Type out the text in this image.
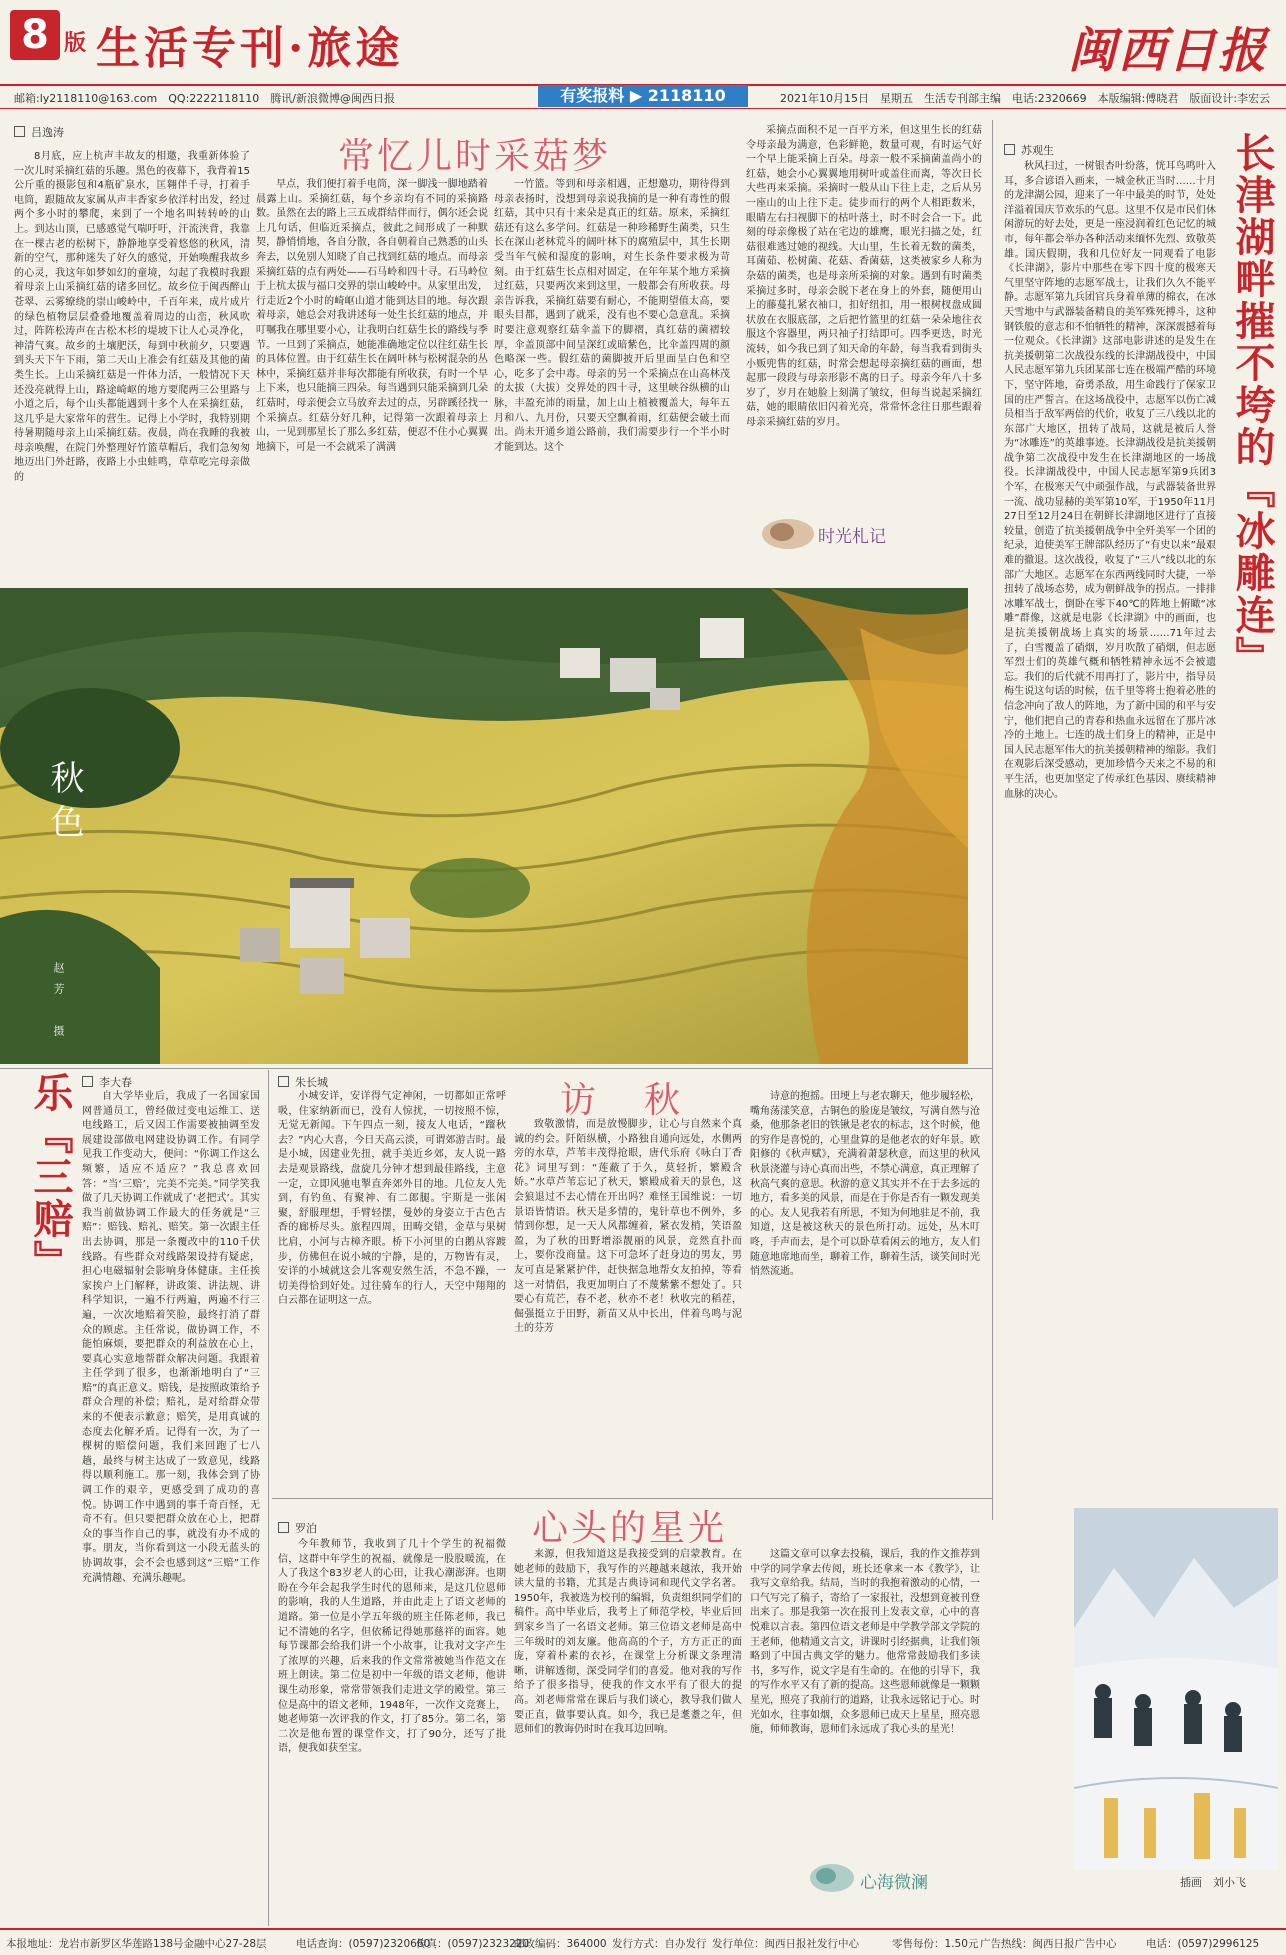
8 版 生活专刊·旅途	闽西日报
邮箱:ly2118110@163.com　QQ:2222118110　腾讯/新浪微博@闽西日报	有奖报料 ▶ 2118110	2021年10月15日　星期五　生活专刊部主编　电话:2320669　本版编辑:傅晓君　版面设计:李宏云
吕逸涛
常忆儿时采菇梦

8月底，应上杭声丰故友的相邀，我重新体验了一次儿时采摘红菇的乐趣。黑色的夜幕下，我背着15公斤重的摄影包和4瓶矿泉水，匡翱伴千寻，打着手电筒，跟随故友家属从声丰香家乡依洋村出发，经过两个多小时的攀爬，来到了一个地名叫转转岭的山上。到达山顶，已感感觉气喘吁吁，汗流浃背，我靠在一棵古老的松树下，静静地享受着悠悠的秋风，清新的空气，那种迷失了好久的感觉，开始唤醒我故乡的心灵，我这年如梦如幻的童境，勾起了我模时我跟着母亲上山采摘红菇的诸多回忆。故乡位于闽西醉山苍翠、云雾缭绕的崇山峻岭中，千百年来，成片成片的绿色植物层层叠叠地覆盖着周边的山峦，秋风吹过，阵阵松涛声在古松木杉的堤坡下让人心灵净化，神清气爽。故乡的土壤肥沃，每到中秋前夕，只要遇到头天下午下雨，第二天山上准会有红菇及其他的菌类生长。上山采摘红菇是一件体力活，一般情况下天还没亮就得上山，路途崎岖的地方要爬两三公里路与小道之后，每个山头都能遇到十多个人在采摘红菇，这几乎是大家常年的营生。记得上小学时，我特别期待暑期随母亲上山采摘红菇。夜晨，尚在我睡的我被母亲唤醒，在院门外整理好竹篮草帽后，我们急匆匆地迈出门外赶路，夜路上小虫蛙鸣，草草吃完母亲做的

早点，我们便打着手电筒，深一脚浅一脚地踏着晨露上山。采摘红菇，每个乡亲均有不同的采摘路数。虽然在去的路上三五成群结伴而行，偶尔还会说上几句话，但临近采摘点，彼此之间形成了一种默契，静悄悄地，各自分散，各自朝着自己熟悉的山头奔去，以免别人知晓了自己找到红菇的地点。而母亲采摘红菇的点有两处——石马岭和四十寻。石马岭位于上杭太拔与福口交界的崇山峻岭中。从家里出发，行走近2个小时的崎岖山道才能到达目的地。每次跟着母亲，她总会对我讲述每一处生长红菇的地点，并叮嘱我在哪里要小心，让我明白红菇生长的路线与季节。一旦到了采摘点，她能准确地定位以往红菇生长的具体位置。由于红菇生长在阔叶林与松树混杂的丛林中，采摘红菇并非每次都能有所收获，有时一个早上下来，也只能摘三四朵。每当遇到只能采摘到几朵红菇时，母亲便会立马放弃去过的点，另辟蹊径找一个采摘点。红菇分好几种，记得第一次跟着母亲上山，一见到那星长了那么多红菇，便忍不住小心翼翼地摘下，可是一不会就采了满满

一竹篮。等到和母亲相遇，正想邀功，期待得到母亲表扬时，没想到母亲说我摘的是一种有毒性的假红菇，其中只有十来朵是真正的红菇。原来，采摘红菇还有这么多学问。红菇是一种珍稀野生菌类，只生长在深山老林荒斗的阔叶林下的腐殖层中，其生长期受当年气候和湿度的影响，对生长条件要求极为苛刻。由于红菇生长点相对固定，在年年某个地方采摘过红菇，只要两次来到这里，一般都会有所收获。母亲告诉我，采摘红菇要有耐心，不能期望值太高，要眼头目都，遇到了就采，没有也不要心急意乱。采摘时要注意观察红菇伞盖下的脚褶，真红菇的菌褶较厚，伞盖顶部中间呈深红或暗紫色，比伞盖四周的颜色略深一些。假红菇的菌脚披开后里面呈白色和空心，吃多了会中毒。母亲的另一个采摘点在山高林茂的太拔（大拔）交界处的四十寻，这里峡谷纵横的山脉，丰盈充沛的雨量，加上山上植被覆盖大，每年五月和八、九月份，只要天空飘着雨，红菇便会破土而出。尚未开通乡道公路前，我们需要步行一个半小时才能到达。这个

采摘点面积不足一百平方米，但这里生长的红菇令母亲最为满意，色彩鲜艳，数量可观，有时运气好一个早上能采摘上百朵。母亲一般不采摘菌盖尚小的红菇，她会小心翼翼地用树叶或盖住而离，等次日长大些再来采摘。采摘时一般从山下往上走，之后从另一座山的山上往下走。徒步而行的两个人相距数米，眼睛左右扫视脚下的枯叶落土，时不时会合一下。此刻的母亲像极了站在宅边的雄鹰，眼光扫描之处，红菇很难逃过她的视线。大山里，生长着无数的菌类，耳菌茹、松树菌、花菇、香菌菇，这类被家乡人称为杂菇的菌类，也是母亲所采摘的对象。遇到有时菌类采摘过多时，母亲会脱下老在身上的外套，随便用山上的藤蔓扎紧衣袖口，扣好纽扣，用一根树杈盘成圆状放在衣服底部，之后把竹篮里的红菇一朵朵地往衣服这个容器里，两只袖子打结即可。四季更迭，时光流转，如今我已到了知天命的年龄，每当我看到街头小贩兜售的红菇，时常会想起母亲摘红菇的画面，想起那一段段与母亲形影不离的日子。母亲今年八十多岁了，岁月在她脸上刻满了皱纹，但每当说起采摘红菇，她的眼睛依旧闪着光亮，常常怀念往日那些跟着母亲采摘红菇的岁月。

时光札记
秋色
赵芳　摄
苏观生	长津湖畔摧不垮的『冰雕连』

秋风扫过，一树银杏叶纷落，恍耳鸟鸣叶入耳，多合谚语入画来，一城金秋正当时……十月的龙津湖公园，迎来了一年中最美的时节，处处洋溢着国庆节欢乐的气息。这里不仅是市民们休闲游玩的好去处，更是一座浸润着红色记忆的城市，每年都会举办各种活动来缅怀先烈、致敬英雄。国庆假期，我和几位好友一同观看了电影《长津湖》，影片中那些在零下四十度的极寒天气里坚守阵地的志愿军战士，让我们久久不能平静。志愿军第九兵团官兵身着单薄的棉衣，在冰天雪地中与武器装备精良的美军殊死搏斗，这种钢铁般的意志和不怕牺牲的精神，深深震撼着每一位观众。《长津湖》这部电影讲述的是发生在抗美援朝第二次战役东线的长津湖战役中，中国人民志愿军第九兵团某部七连在极端严酷的环境下，坚守阵地，奋勇杀敌，用生命践行了保家卫国的庄严誓言。在这场战役中，志愿军以伤亡减员相当于敌军两倍的代价，收复了三八线以北的东部广大地区，扭转了战局，这就是被后人誉为“冰雕连”的英雄事迹。长津湖战役是抗美援朝战争第二次战役中发生在长津湖地区的一场战役。长津湖战役中，中国人民志愿军第9兵团3个军，在极寒天气中顽强作战，与武器装备世界一流、战功显赫的美军第10军，于1950年11月27日至12月24日在朝鲜长津湖地区进行了直接较量，创造了抗美援朝战争中全歼美军一个团的纪录，迫使美军王牌部队经历了“有史以来”最艰难的撤退。这次战役，收复了“三八”线以北的东部广大地区。志愿军在东西两线同时大捷，一举扭转了战场态势，成为朝鲜战争的拐点。一排排冰雕军战士，倒卧在零下40℃的阵地上俯瞰“冰雕”群像，这就是电影《长津湖》中的画面，也是抗美援朝战场上真实的场景……71年过去了，白雪覆盖了硝烟，岁月吹散了硝烟，但志愿军烈士们的英雄气概和牺牲精神永远不会被遗忘。我们的后代就不用再打了，影片中，指导员梅生说这句话的时候，伍千里等将士抱着必胜的信念冲向了敌人的阵地，为了新中国的和平与安宁，他们把自己的青春和热血永远留在了那片冰冷的土地上。七连的战士们身上的精神，正是中国人民志愿军伟大的抗美援朝精神的缩影。我们在观影后深受感动，更加珍惜今天来之不易的和平生活，也更加坚定了传承红色基因、赓续精神血脉的决心。

插画　刘小飞
乐『三赔』	李大春

自大学毕业后，我成了一名国家国网普通员工，曾经做过变电运维工、送电线路工，后又因工作需要被抽调至发展建设部做电网建设协调工作。有同学见我工作变动大，便问：“你调工作这么频繁，适应不适应？”我总喜欢回答：“当‘三赔’，完美不完美。”同学笑我做了几天协调工作就成了‘老把式’。其实我当前做协调工作最大的任务就是“三赔”：赔钱、赔礼、赔笑。第一次跟主任出去协调，那是一条覆改中的110千伏线路。有些群众对线路架设持有疑虑，担心电磁辐射会影响身体健康。主任挨家挨户上门解释，讲政策、讲法规、讲科学知识，一遍不行两遍，两遍不行三遍，一次次地赔着笑脸，最终打消了群众的顾虑。主任常说，做协调工作，不能怕麻烦，要把群众的利益放在心上，要真心实意地帮群众解决问题。我跟着主任学到了很多，也渐渐地明白了“三赔”的真正意义。赔钱，是按照政策给予群众合理的补偿；赔礼，是对给群众带来的不便表示歉意；赔笑，是用真诚的态度去化解矛盾。记得有一次，为了一棵树的赔偿问题，我们来回跑了七八趟，最终与树主达成了一致意见，线路得以顺利施工。那一刻，我体会到了协调工作的艰辛，更感受到了成功的喜悦。协调工作中遇到的事千奇百怪，无奇不有。但只要把群众放在心上，把群众的事当作自己的事，就没有办不成的事。朋友，当你看到这一小段无蓝头的协调故事，会不会也感到这“三赔”工作充满情趣、充满乐趣呢。

朱长城	访　秋

小城安详，安详得气定神闲，一切都如正常呼吸，住家纳新而已，没有人惊扰，一切按照不惊，无觉无新闻。下午四点一刻，接友人电话，“蹓秋去？”内心大喜，今日天高云淡，可谓郊游吉时。最是小城，因建业先扭，就手美近乡郊，友人说一路去是观景路线，盘旋几分钟才想到最佳路线，主意一定，立即风驰电掣直奔郊外目的地。几位友人先到，有钓鱼、有聚神、有二郎腿。宇斯是一张闲聚，舒服理想，手臂轻摆，曼妙的身姿立于古色古香的廊桥尽头。旅程四周，田畴交错，金草与果树比肩，小河与古樟齐眼。桥下小河里的白鹅从容踱步，仿佛但在说小城的宁静，是的，万物皆有灵，安详的小城就这会儿客观安然生活，不急不躁，一切美得恰到好处。过往骑车的行人，天空中翔翔的白云都在证明这一点。

致敬激情，而是放慢脚步，让心与自然来个真诚的约会。阡陌纵横，小路独自通向远处，水侧两旁的水草，芦苇丰茂得抢眼，唐代乐府《咏白丁香花》词里写到：“莲蔽了于久，莫轻折，繁殿含娇。”水草芦苇忘记了秋天，繁殿成着天的景色，这会狼退过不去心情在开出吗？难怪王国维说：一切景语皆情语。秋天是多情的，鬼针草也不例外，多情到你想，足一天人风都缠着，紧衣发梢，笑语盈盈，为了秋的田野增添靓丽的风景，竞然直扑而上，要你没商量。这下可急坏了赶身边的男友，男友可直是紧紧护伴，赶快据急地帮女友拍掉，等看这一对情侣，我更加明白了不蔑紫紫不想处了。只要心有荒芒，春不老，秋亦不老！秋收完的稻茬，倔强挺立于田野，新苗又从中长出，伴着鸟鸣与泥土的芬芳

诗意的抱摇。田埂上与老农聊天，他步履轻松，嘴角荡漾笑意，古铜色的脸庞是皱纹，写满自然与沧桑，他那条老旧的铁锹是老农的标志，这个时候，他的穷作是喜悦的，心里盘算的是他老农的好年景。欧阳修的《秋声赋》，充满着萧瑟秋意，而这里的秋风秋景浇灌与诗心真而出些，不禁心满意，真正理解了秋高气爽的意思。秋游的意义其实并不在于去多远的地方，看多美的风景，而是在于你是否有一颗发现美的心。友人见我若有所思，不知为何地驻足不前，我知道，这是被这秋天的景色所打动。远处，丛木叮咚，手声而去，是个可以卧草看闲云的地方，友人们随意地席地而坐，聊着工作，聊着生活，谈笑间时光悄然流逝。

心头的星光
罗泊

今年教师节，我收到了几十个学生的祝福微信，这群中年学生的祝福，就像是一股股暖流，在人了我这个83岁老人的心田，让我心潮澎湃。也期盼在今年会起我学生时代的恩师来，是这几位恩师的影响，我的人生道路，并由此走上了语文老师的道路。第一位是小学五年级的班主任陈老师，我已记不清她的名字，但依稀记得她那慈祥的面容。她每节课都会给我们讲一个小故事，让我对文字产生了浓厚的兴趣，后来我的作文常常被她当作范文在班上朗读。第二位是初中一年级的语文老师，他讲课生动形象，常常带领我们走进文学的殿堂。第三位是高中的语文老师，1948年，一次作文竞赛上，她老师第一次评我的作文，打了85分。第二名，第二次是他布置的课堂作文，打了90分，还写了批语，便我如获至宝。

来源，但我知道这是我接受到的启蒙教育。在她老师的鼓励下，我写作的兴趣越来越浓，我开始读大量的书籍，尤其是古典诗词和现代文学名著。1950年，我被选为校刊的编辑，负责组织同学们的稿件。高中毕业后，我考上了师范学校，毕业后回到家乡当了一名语文老师。第三位语文老师是高中三年级时的刘友廉。他高高的个子，方方正正的面庞，穿着朴素的衣衫，在课堂上分析课文条理清晰，讲解透彻，深受同学们的喜爱。他对我的写作给予了很多指导，使我的作文水平有了很大的提高。刘老师常常在课后与我们谈心，教导我们做人要正直，做事要认真。如今，我已是耄耋之年，但恩师们的教诲仍时时在我耳边回响。

这篇文章可以拿去投稿，课后，我的作文推荐到中学的同学拿去传阅，班长还拿来一本《教学》，让我写文章给我。结局，当时的我抱着激动的心情，一口气写完了稿子，寄给了一家报社，没想到竟被刊登出来了。那是我第一次在报刊上发表文章，心中的喜悦难以言表。第四位语文老师是中学教学部文学院的王老师，他精通文言文，讲课时引经据典，让我们领略到了中国古典文学的魅力。他常常鼓励我们多读书，多写作，说文字是有生命的。在他的引导下，我的写作水平又有了新的提高。这些恩师就像是一颗颗星光，照亮了我前行的道路，让我永远铭记于心。时光如水，往事如烟，众多恩师已成天上星星，照亮恩施，师师教诲，恩师们永远成了我心头的星光！

心海微澜
本报地址：龙岩市新罗区华莲路138号金融中心27-28层	电话查询：(0597)2320660
传真：(0597)2323220
邮政编码：364000 发行方式：自办发行 发行单位：闽西日报社发行中心	零售每份：1.50元 广告热线：闽西日报广告中心	电话：(0597)2996125
